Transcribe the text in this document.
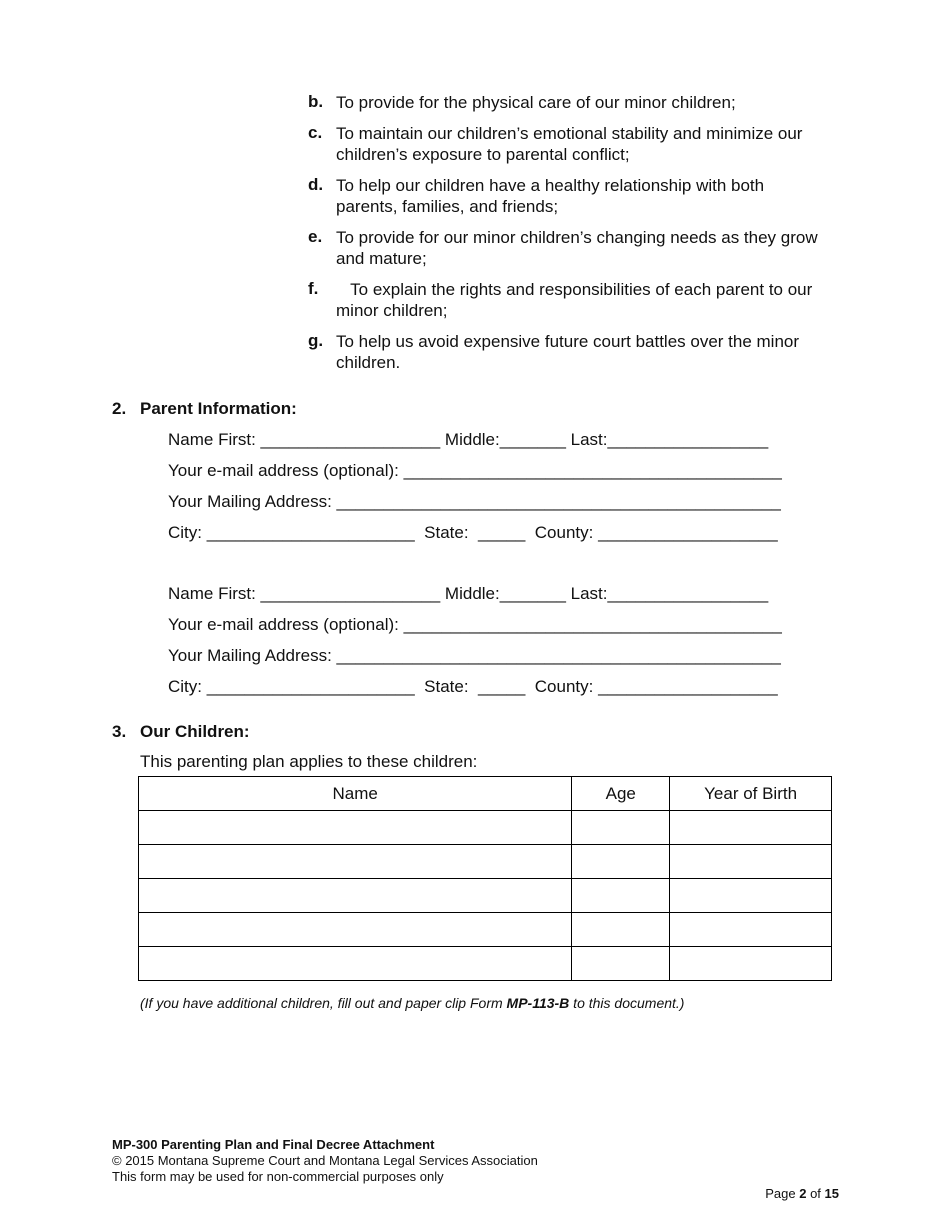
b. To provide for the physical care of our minor children;
c. To maintain our children’s emotional stability and minimize our children’s exposure to parental conflict;
d. To help our children have a healthy relationship with both parents, families, and friends;
e. To provide for our minor children’s changing needs as they grow and mature;
f. To explain the rights and responsibilities of each parent to our minor children;
g. To help us avoid expensive future court battles over the minor children.
2. Parent Information:
Name First: ___________________ Middle:_______ Last:_________________
Your e-mail address (optional): ________________________________________
Your Mailing Address: _______________________________________________
City: ______________________  State:  _____  County: ___________________
Name First: ___________________ Middle:_______ Last:_________________
Your e-mail address (optional): ________________________________________
Your Mailing Address: _______________________________________________
City: ______________________  State:  _____  County: ___________________
3. Our Children:
This parenting plan applies to these children:
Name	Age	Year of Birth

(If you have additional children, fill out and paper clip Form MP-113-B to this document.)
MP-300 Parenting Plan and Final Decree Attachment
© 2015 Montana Supreme Court and Montana Legal Services Association
This form may be used for non-commercial purposes only
Page 2 of 15
